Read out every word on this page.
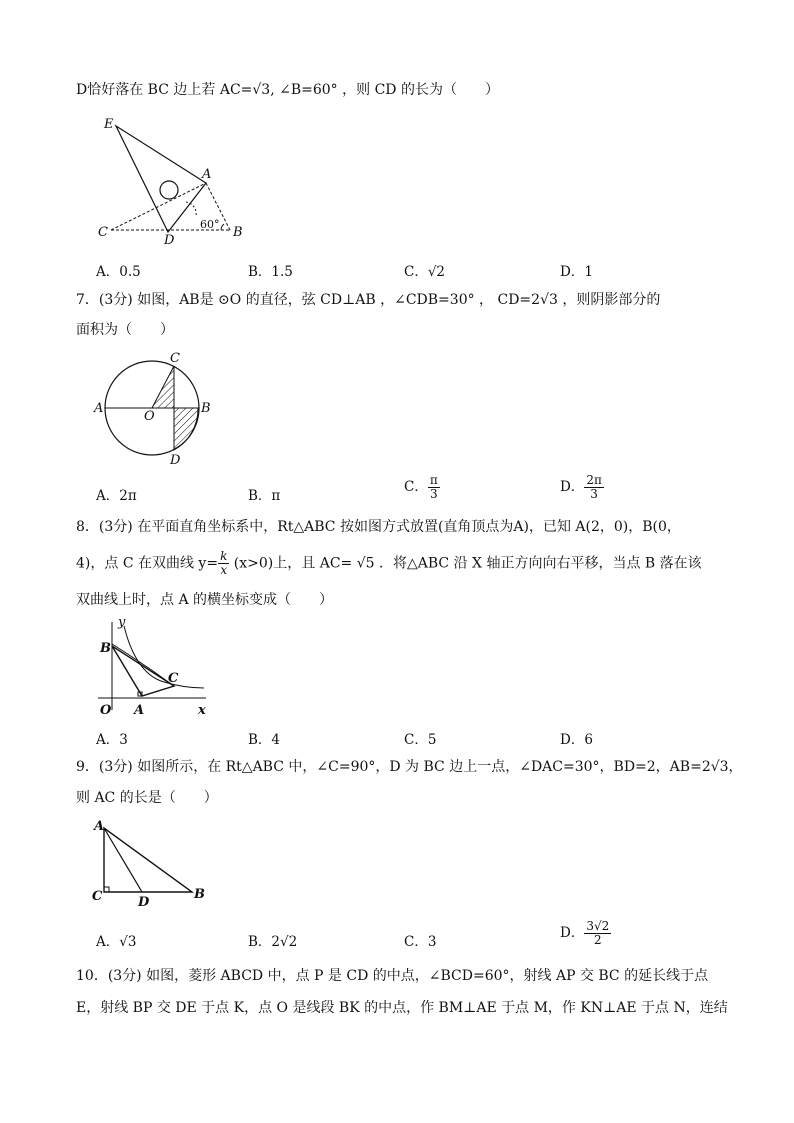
D恰好落在 BC 边上若 AC=√3, ∠B=60° ，则 CD 的长为（　　）
E
A
C
D
B
60°
A．0.5	B．1.5	C．√2	D．1
7．(3分) 如图，AB是 ⊙O 的直径，弦 CD⊥AB ，∠CDB=30° ， CD=2√3 ，则阴影部分的
面积为（　　）
C
A
O
B
D
A．2π	B．π
C． $\frac{\pi}{3}$	D． $\frac{2\pi}{3}$
8．(3分) 在平面直角坐标系中，Rt△ABC 按如图方式放置(直角顶点为A)，已知 A(2，0)，B(0，
4)，点 C 在双曲线 $y= \frac{k}{x} (x>0)$上，且 AC= √5 ．将△ABC 沿 X 轴正方向向右平移，当点 B 落在该
双曲线上时，点 A 的横坐标变成（　　）
y
B
C
O A	x
A．3	B．4	C．5	D．6
9．(3分) 如图所示，在 Rt△ABC 中，∠C=90°，D 为 BC 边上一点，∠DAC=30°，BD=2，AB=2√3，
则 AC 的长是（　　）
A
C	D
B
A．√3	B．2√2	C．3
D． $\frac{3√2}{2}$
10．(3分) 如图，菱形 ABCD 中，点 P 是 CD 的中点，∠BCD=60°，射线 AP 交 BC 的延长线于点
E，射线 BP 交 DE 于点 K，点 O 是线段 BK 的中点，作 BM⊥AE 于点 M，作 KN⊥AE 于点 N，连结
